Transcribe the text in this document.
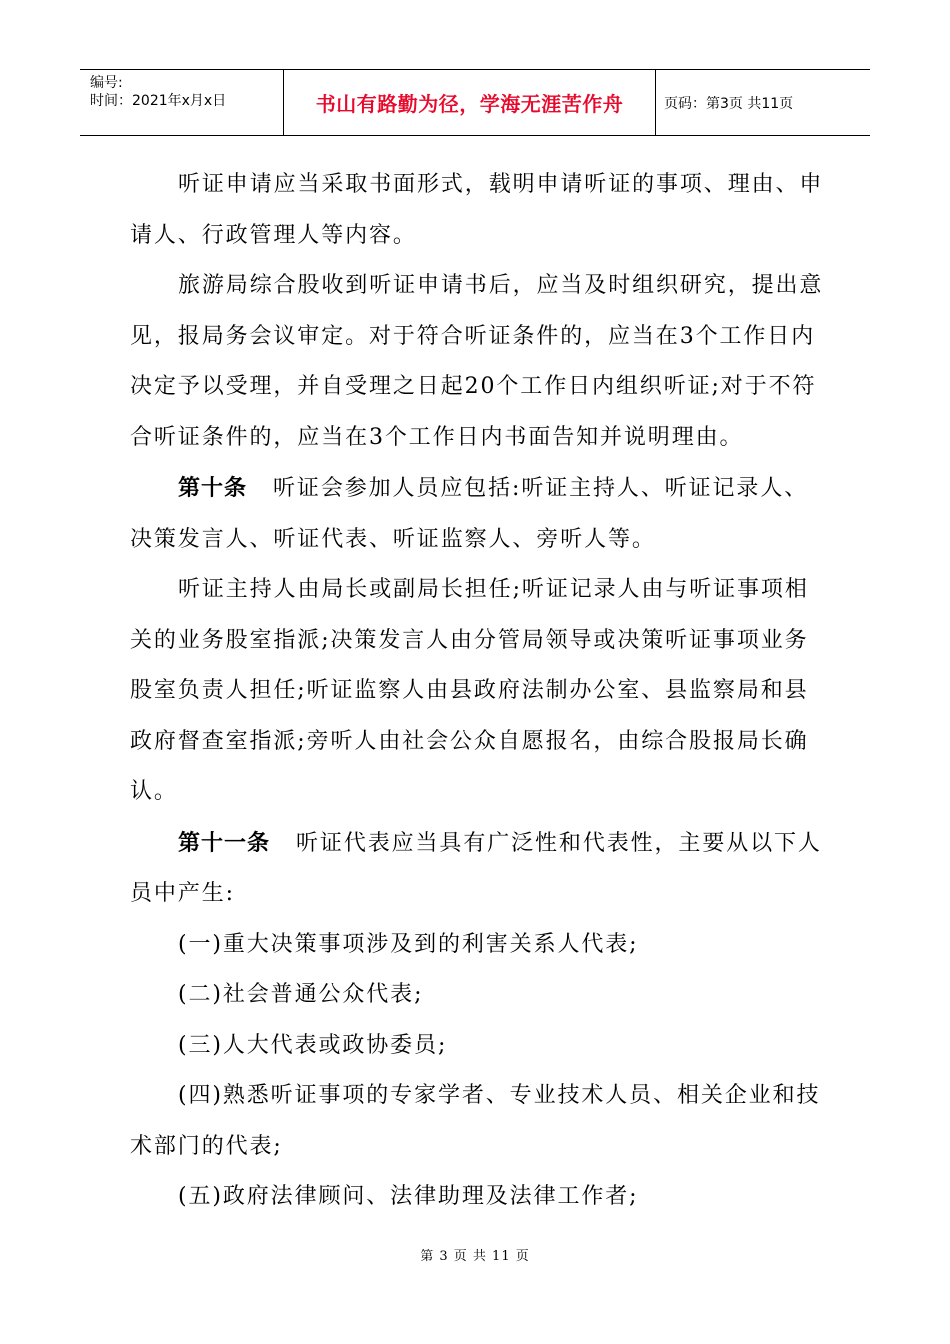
编号:
时间：2021年x月x日	书山有路勤为径，学海无涯苦作舟	页码：第3页 共11页

听证申请应当采取书面形式，载明申请听证的事项、理由、申请人、行政管理人等内容。

旅游局综合股收到听证申请书后，应当及时组织研究，提出意见，报局务会议审定。对于符合听证条件的，应当在3个工作日内决定予以受理，并自受理之日起20个工作日内组织听证;对于不符合听证条件的，应当在3个工作日内书面告知并说明理由。

第十条 听证会参加人员应包括:听证主持人、听证记录人、决策发言人、听证代表、听证监察人、旁听人等。

听证主持人由局长或副局长担任;听证记录人由与听证事项相关的业务股室指派;决策发言人由分管局领导或决策听证事项业务股室负责人担任;听证监察人由县政府法制办公室、县监察局和县政府督查室指派;旁听人由社会公众自愿报名，由综合股报局长确认。

第十一条 听证代表应当具有广泛性和代表性，主要从以下人员中产生:

(一)重大决策事项涉及到的利害关系人代表;

(二)社会普通公众代表;

(三)人大代表或政协委员;

(四)熟悉听证事项的专家学者、专业技术人员、相关企业和技术部门的代表;

(五)政府法律顾问、法律助理及法律工作者;

第 3 页 共 11 页
